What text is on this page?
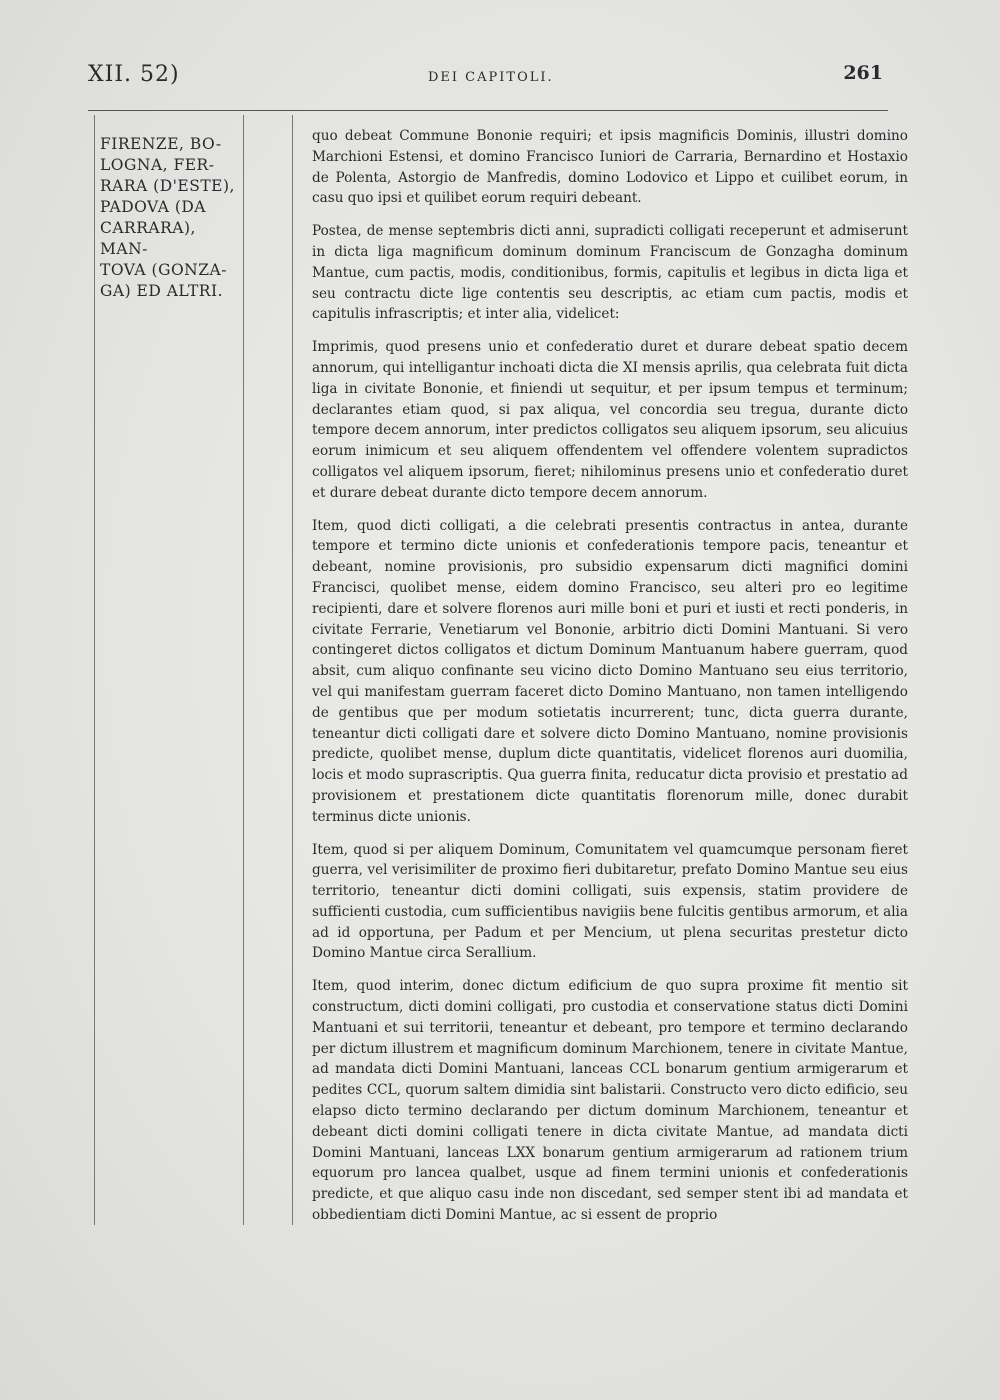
XII. 52)	DEI CAPITOLI.	261
FIRENZE, BO-
LOGNA, FER-
RARA (D'ESTE),
PADOVA (DA
CARRARA), MAN-
TOVA (GONZA-
GA) ED ALTRI.

quo debeat Commune Bononie requiri; et ipsis magnificis Dominis, illustri domino Marchioni Estensi, et domino Francisco Iuniori de Carraria, Bernardino et Hostaxio de Polenta, Astorgio de Manfredis, domino Lodovico et Lippo et cuilibet eorum, in casu quo ipsi et quilibet eorum requiri debeant.

Postea, de mense septembris dicti anni, supradicti colligati receperunt et admiserunt in dicta liga magnificum dominum dominum Franciscum de Gonzagha dominum Mantue, cum pactis, modis, conditionibus, formis, capitulis et legibus in dicta liga et seu contractu dicte lige contentis seu descriptis, ac etiam cum pactis, modis et capitulis infrascriptis; et inter alia, videlicet:

Imprimis, quod presens unio et confederatio duret et durare debeat spatio decem annorum, qui intelligantur inchoati dicta die XI mensis aprilis, qua celebrata fuit dicta liga in civitate Bononie, et finiendi ut sequitur, et per ipsum tempus et terminum; declarantes etiam quod, si pax aliqua, vel concordia seu tregua, durante dicto tempore decem annorum, inter predictos colligatos seu aliquem ipsorum, seu alicuius eorum inimicum et seu aliquem offendentem vel offendere volentem supradictos colligatos vel aliquem ipsorum, fieret; nihilominus presens unio et confederatio duret et durare debeat durante dicto tempore decem annorum.

Item, quod dicti colligati, a die celebrati presentis contractus in antea, durante tempore et termino dicte unionis et confederationis tempore pacis, teneantur et debeant, nomine provisionis, pro subsidio expensarum dicti magnifici domini Francisci, quolibet mense, eidem domino Francisco, seu alteri pro eo legitime recipienti, dare et solvere florenos auri mille boni et puri et iusti et recti ponderis, in civitate Ferrarie, Venetiarum vel Bononie, arbitrio dicti Domini Mantuani. Si vero contingeret dictos colligatos et dictum Dominum Mantuanum habere guerram, quod absit, cum aliquo confinante seu vicino dicto Domino Mantuano seu eius territorio, vel qui manifestam guerram faceret dicto Domino Mantuano, non tamen intelligendo de gentibus que per modum sotietatis incurrerent; tunc, dicta guerra durante, teneantur dicti colligati dare et solvere dicto Domino Mantuano, nomine provisionis predicte, quolibet mense, duplum dicte quantitatis, videlicet florenos auri duomilia, locis et modo suprascriptis. Qua guerra finita, reducatur dicta provisio et prestatio ad provisionem et prestationem dicte quantitatis florenorum mille, donec durabit terminus dicte unionis.

Item, quod si per aliquem Dominum, Comunitatem vel quamcumque personam fieret guerra, vel verisimiliter de proximo fieri dubitaretur, prefato Domino Mantue seu eius territorio, teneantur dicti domini colligati, suis expensis, statim providere de sufficienti custodia, cum sufficientibus navigiis bene fulcitis gentibus armorum, et alia ad id opportuna, per Padum et per Mencium, ut plena securitas prestetur dicto Domino Mantue circa Serallium.

Item, quod interim, donec dictum edificium de quo supra proxime fit mentio sit constructum, dicti domini colligati, pro custodia et conservatione status dicti Domini Mantuani et sui territorii, teneantur et debeant, pro tempore et termino declarando per dictum illustrem et magnificum dominum Marchionem, tenere in civitate Mantue, ad mandata dicti Domini Mantuani, lanceas CCL bonarum gentium armigerarum et pedites CCL, quorum saltem dimidia sint balistarii. Constructo vero dicto edificio, seu elapso dicto termino declarando per dictum dominum Marchionem, teneantur et debeant dicti domini colligati tenere in dicta civitate Mantue, ad mandata dicti Domini Mantuani, lanceas LXX bonarum gentium armigerarum ad rationem trium equorum pro lancea qualbet, usque ad finem termini unionis et confederationis predicte, et que aliquo casu inde non discedant, sed semper stent ibi ad mandata et obbedientiam dicti Domini Mantue, ac si essent de proprio
